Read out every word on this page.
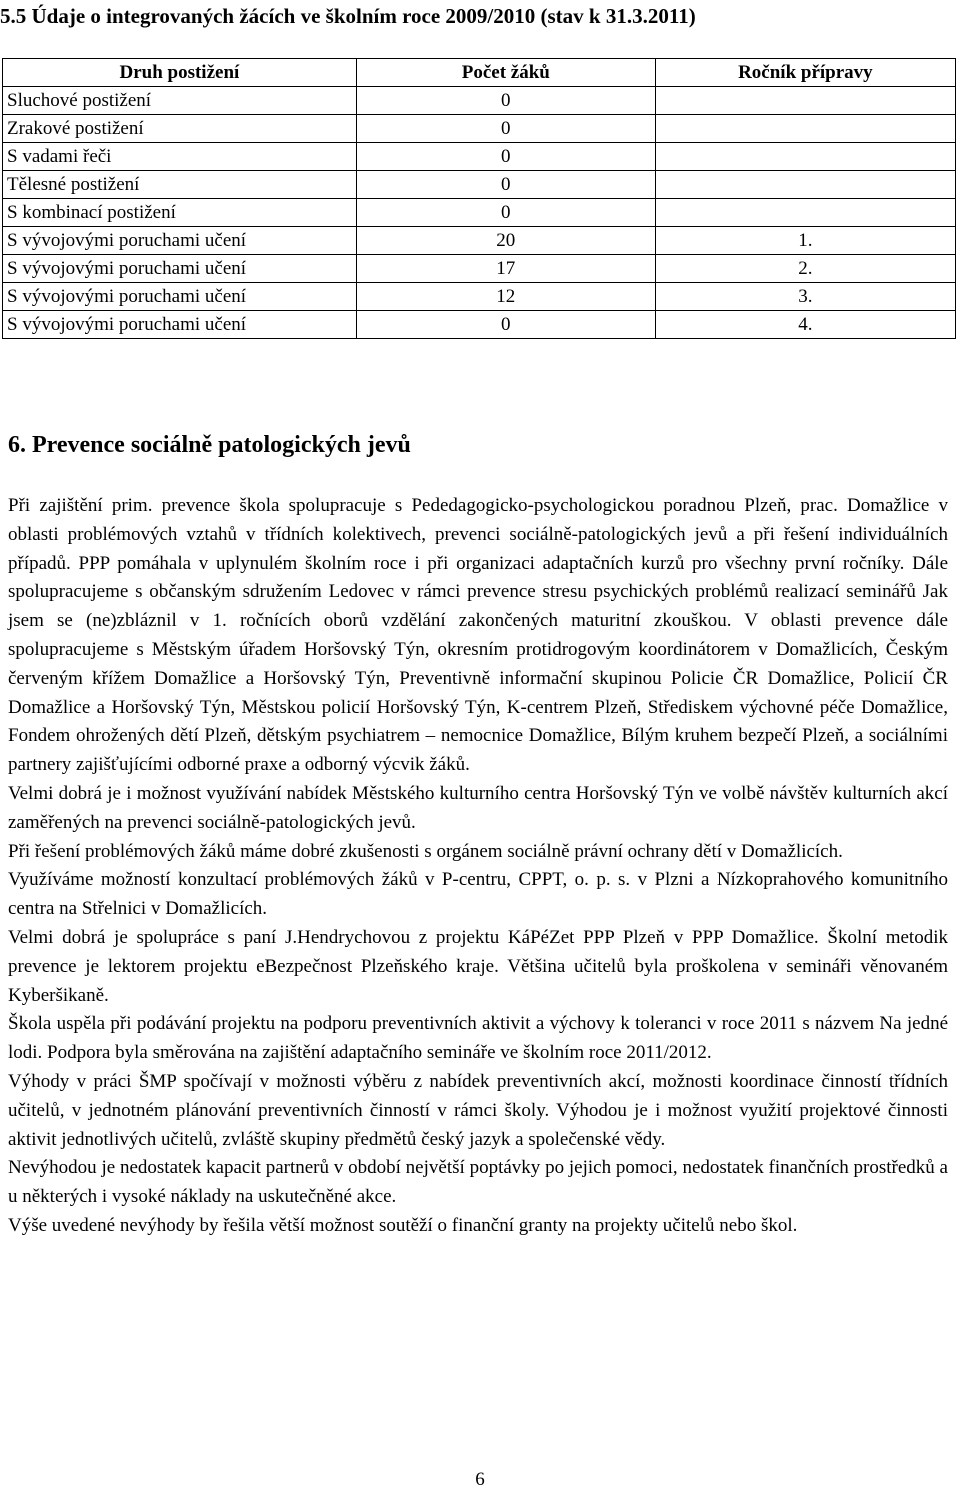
5.5 Údaje o integrovaných žácích ve školním roce 2009/2010 (stav k 31.3.2011)
Druh postižení	Počet žáků	Ročník přípravy
Sluchové postižení	0	
Zrakové postižení	0	
S vadami řeči	0	
Tělesné postižení	0	
S kombinací postižení	0	
S vývojovými poruchami učení	20	1.
S vývojovými poruchami učení	17	2.
S vývojovými poruchami učení	12	3.
S vývojovými poruchami učení	0	4.
6. Prevence sociálně patologických jevů

Při zajištění prim. prevence škola spolupracuje s Pededagogicko-psychologickou poradnou Plzeň, prac. Domažlice v oblasti problémových vztahů v třídních kolektivech, prevenci sociálně-patologických jevů a při řešení individuálních případů. PPP pomáhala v uplynulém školním roce i při organizaci adaptačních kurzů pro všechny první ročníky. Dále spolupracujeme s občanským sdružením Ledovec v rámci prevence stresu psychických problémů realizací seminářů Jak jsem se (ne)zbláznil v 1. ročnících oborů vzdělání zakončených maturitní zkouškou. V oblasti prevence dále spolupracujeme s Městským úřadem Horšovský Týn, okresním protidrogovým koordinátorem v Domažlicích, Českým červeným křížem Domažlice a Horšovský Týn, Preventivně informační skupinou Policie ČR Domažlice, Policií ČR Domažlice a Horšovský Týn, Městskou policií Horšovský Týn, K-centrem Plzeň, Střediskem výchovné péče Domažlice, Fondem ohrožených dětí Plzeň, dětským psychiatrem – nemocnice Domažlice, Bílým kruhem bezpečí Plzeň, a sociálními partnery zajišťujícími odborné praxe a odborný výcvik žáků.

Velmi dobrá je i možnost využívání nabídek Městského kulturního centra Horšovský Týn ve volbě návštěv kulturních akcí zaměřených na prevenci sociálně-patologických jevů.

Při řešení problémových žáků máme dobré zkušenosti s orgánem sociálně právní ochrany dětí v Domažlicích.

Využíváme možností konzultací problémových žáků v P-centru, CPPT, o. p. s. v Plzni a Nízkoprahového komunitního centra na Střelnici v Domažlicích.

Velmi dobrá je spolupráce s paní J.Hendrychovou z projektu KáPéZet PPP Plzeň v PPP Domažlice. Školní metodik prevence je lektorem projektu eBezpečnost Plzeňského kraje. Většina učitelů byla proškolena v semináři věnovaném Kyberšikaně.

Škola uspěla při podávání projektu na podporu preventivních aktivit a výchovy k toleranci v roce 2011 s názvem Na jedné lodi. Podpora byla směrována na zajištění adaptačního semináře ve školním roce 2011/2012.

Výhody v práci ŠMP spočívají v možnosti výběru z nabídek preventivních akcí, možnosti koordinace činností třídních učitelů, v jednotném plánování preventivních činností v rámci školy. Výhodou je i možnost využití projektové činnosti aktivit jednotlivých učitelů, zvláště skupiny předmětů český jazyk a společenské vědy.

Nevýhodou je nedostatek kapacit partnerů v období největší poptávky po jejich pomoci, nedostatek finančních prostředků a u některých i vysoké náklady na uskutečněné akce.

Výše uvedené nevýhody by řešila větší možnost soutěží o finanční granty na projekty učitelů nebo škol.

6
